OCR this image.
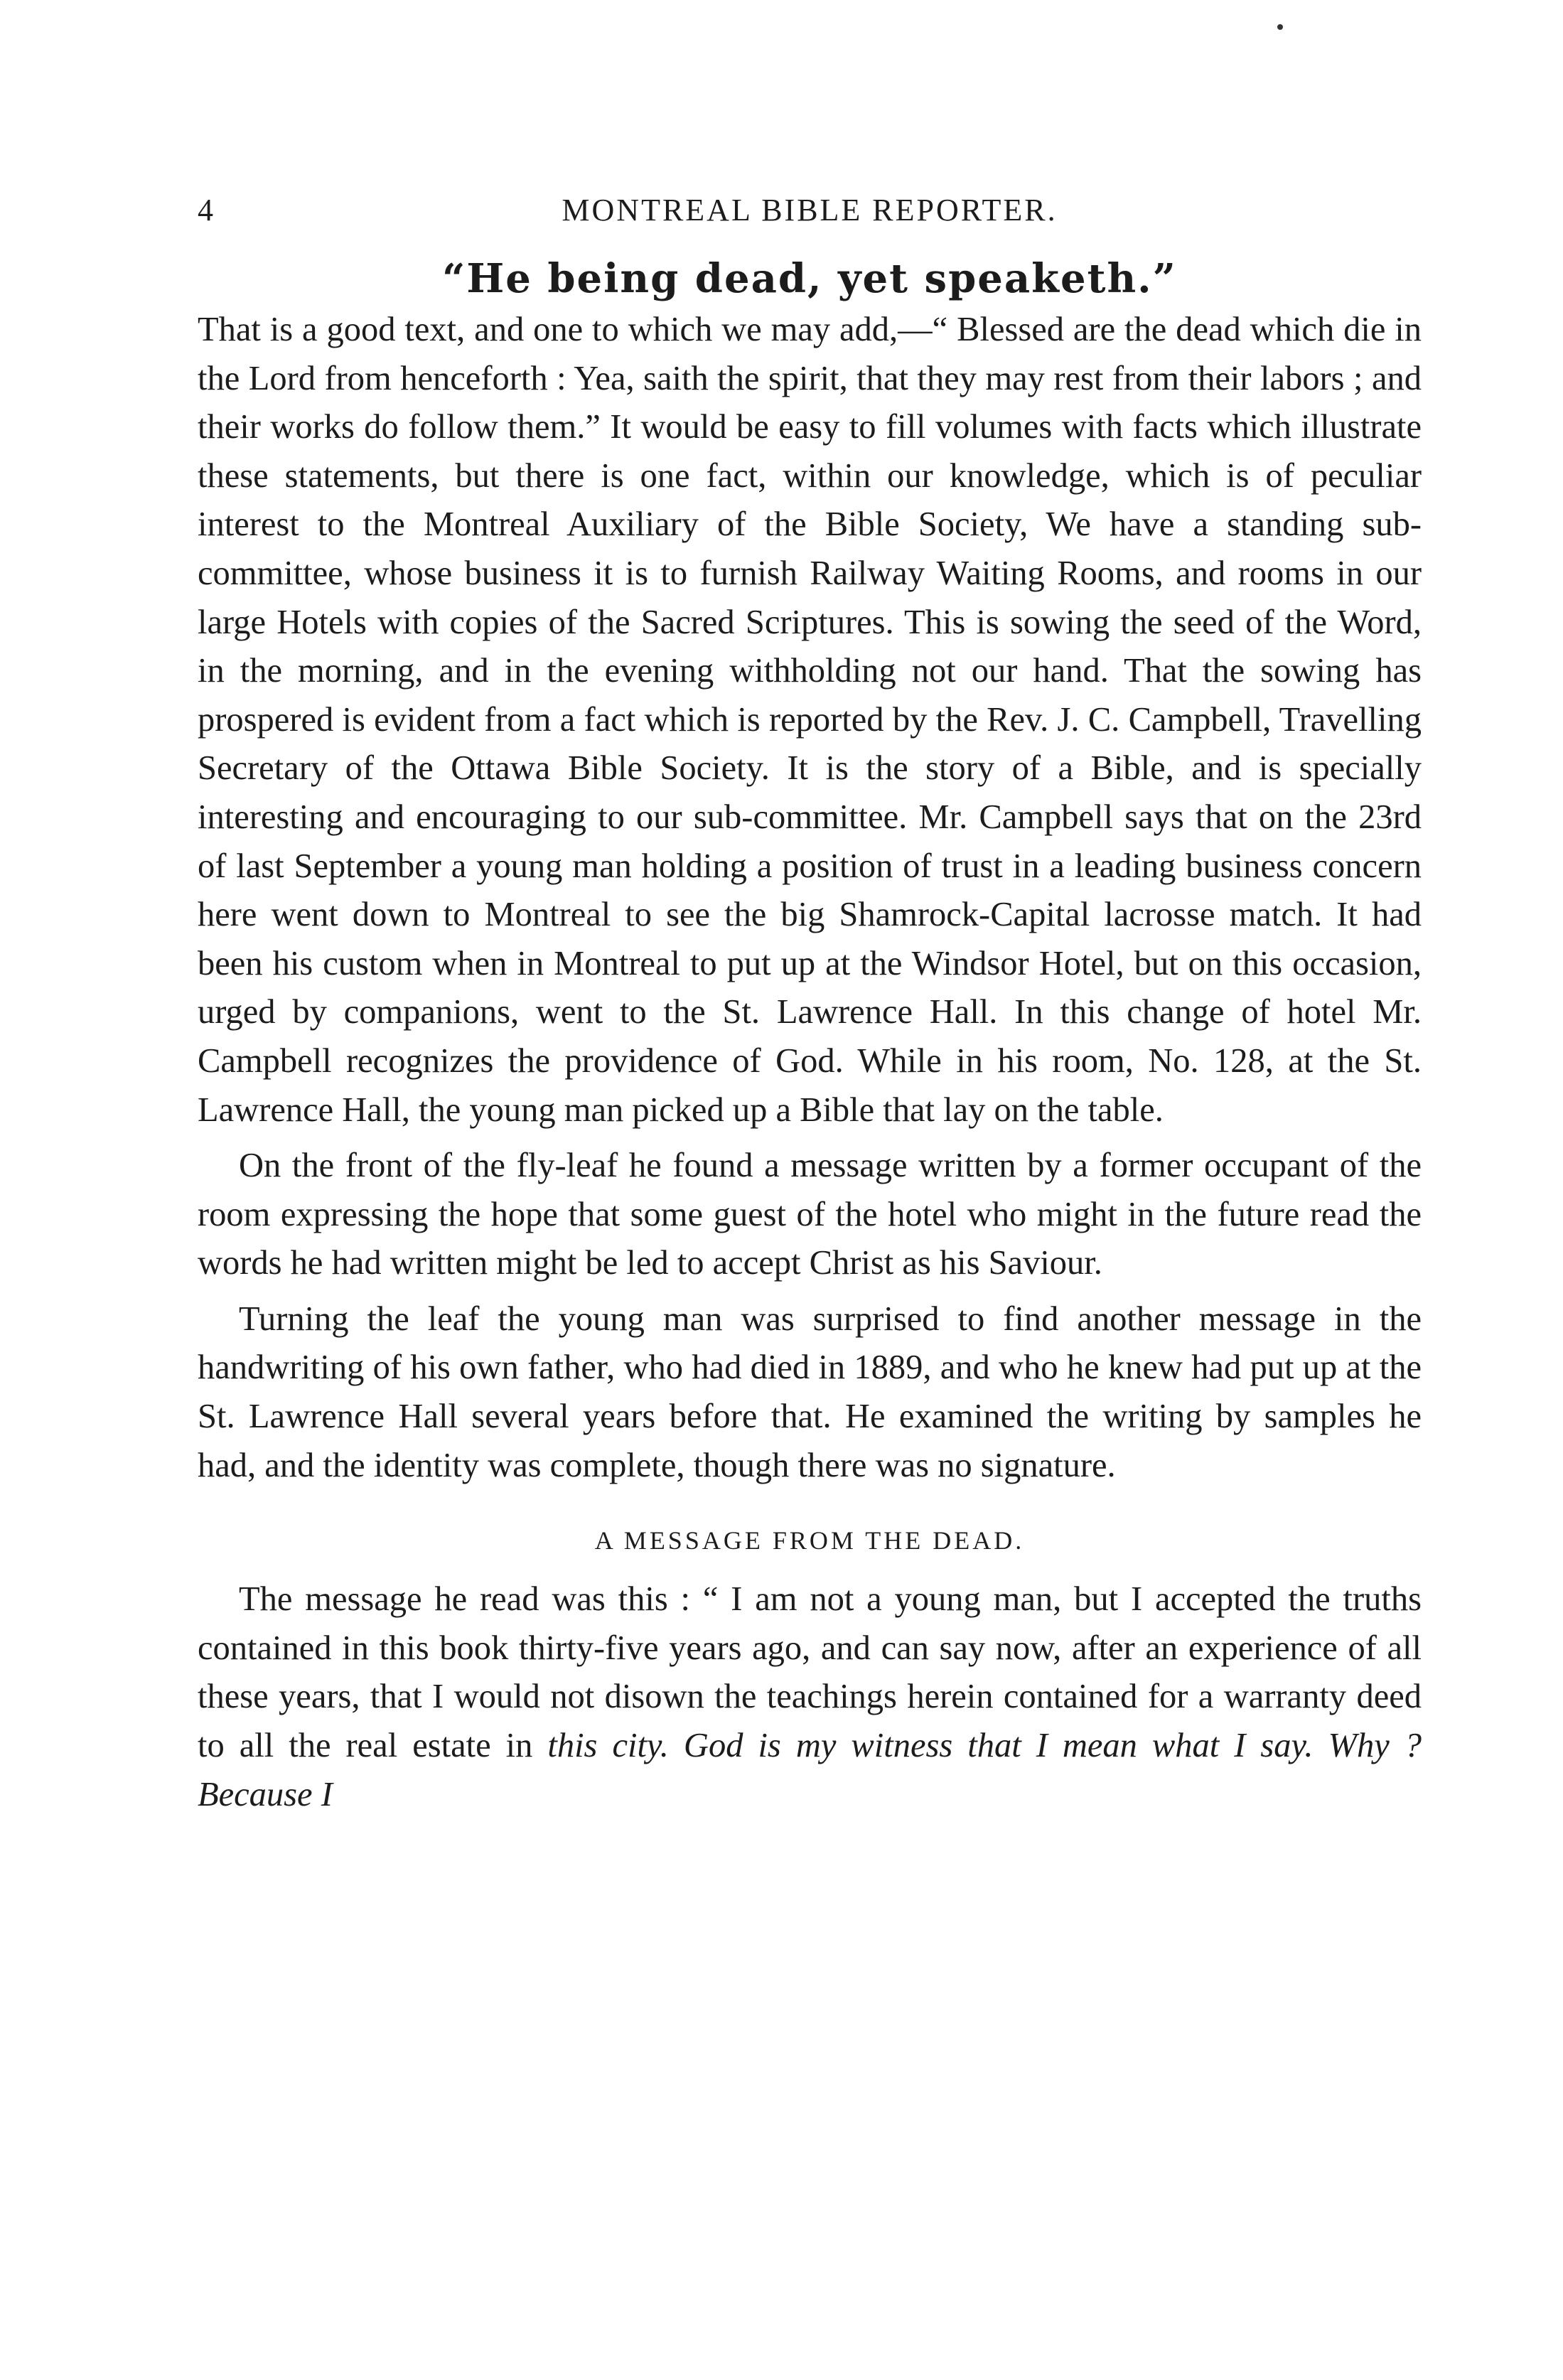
4	MONTREAL BIBLE REPORTER.
“He being dead, yet speaketh.”

That is a good text, and one to which we may add,—“ Blessed are the dead which die in the Lord from henceforth : Yea, saith the spirit, that they may rest from their labors ; and their works do follow them.” It would be easy to fill volumes with facts which illustrate these statements, but there is one fact, within our knowledge, which is of peculiar interest to the Montreal Auxiliary of the Bible Society, We have a standing sub-committee, whose business it is to furnish Railway Waiting Rooms, and rooms in our large Hotels with copies of the Sacred Scriptures. This is sowing the seed of the Word, in the morning, and in the evening withholding not our hand. That the sowing has prospered is evident from a fact which is reported by the Rev. J. C. Campbell, Travelling Secretary of the Ottawa Bible Society. It is the story of a Bible, and is specially interesting and encouraging to our sub-committee. Mr. Campbell says that on the 23rd of last September a young man holding a position of trust in a leading business concern here went down to Montreal to see the big Shamrock-Capital lacrosse match. It had been his custom when in Montreal to put up at the Windsor Hotel, but on this occasion, urged by companions, went to the St. Lawrence Hall. In this change of hotel Mr. Campbell recognizes the providence of God. While in his room, No. 128, at the St. Lawrence Hall, the young man picked up a Bible that lay on the table.

On the front of the fly-leaf he found a message written by a former occupant of the room expressing the hope that some guest of the hotel who might in the future read the words he had written might be led to accept Christ as his Saviour.

Turning the leaf the young man was surprised to find another message in the handwriting of his own father, who had died in 1889, and who he knew had put up at the St. Lawrence Hall several years before that. He examined the writing by samples he had, and the identity was complete, though there was no signature.

A MESSAGE FROM THE DEAD.

The message he read was this : “ I am not a young man, but I accepted the truths contained in this book thirty-five years ago, and can say now, after an experience of all these years, that I would not disown the teachings herein contained for a warranty deed to all the real estate in this city. God is my witness that I mean what I say. Why ? Because I
